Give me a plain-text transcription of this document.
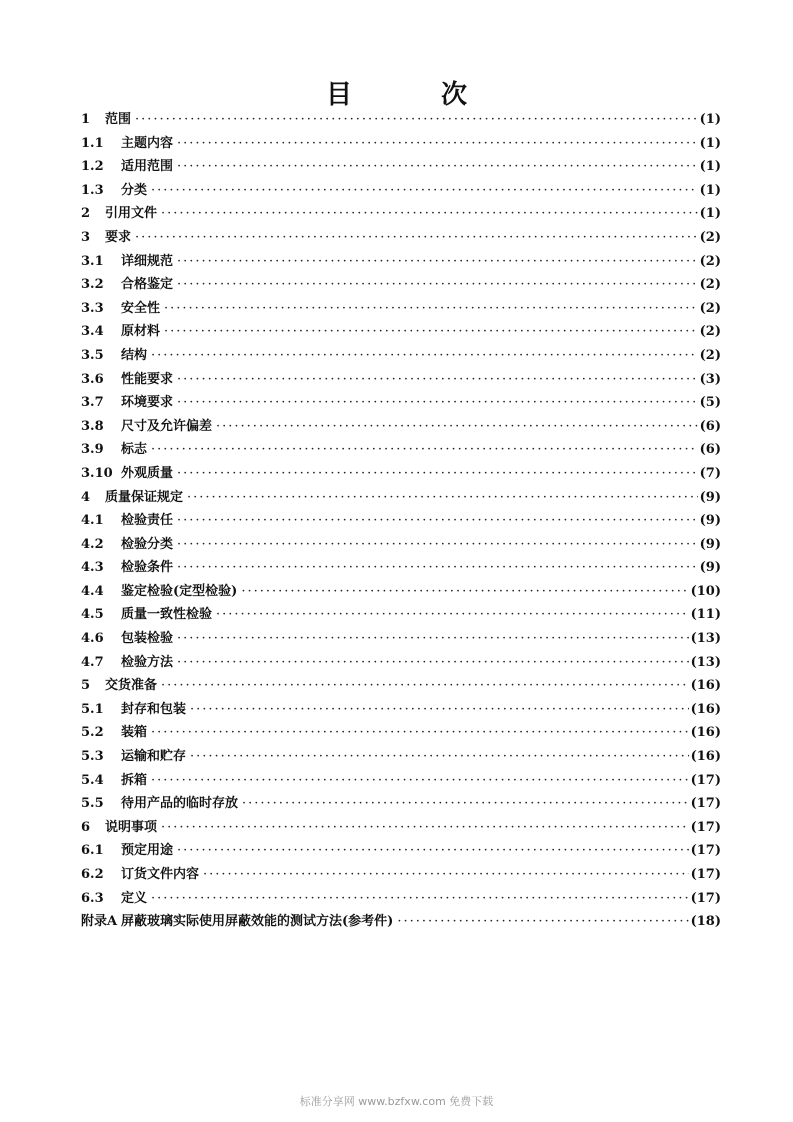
目 次
1	范围 ·····	(1)
1.1	主题内容 ·····	(1)
1.2	适用范围 ·····	(1)
1.3	分类 ·····	(1)
2	引用文件 ·····	(1)
3	要求 ·····	(2)
3.1	详细规范 ·····	(2)
3.2	合格鉴定 ·····	(2)
3.3	安全性 ·····	(2)
3.4	原材料 ·····	(2)
3.5	结构 ·····	(2)
3.6	性能要求 ·····	(3)
3.7	环境要求 ·····	(5)
3.8	尺寸及允许偏差 ·····	(6)
3.9	标志 ·····	(6)
3.10 外观质量 ·····	(7)
4	质量保证规定 ·····	(9)
4.1	检验责任 ·····	(9)
4.2	检验分类 ·····	(9)
4.3	检验条件 ·····	(9)
4.4	鉴定检验(定型检验) ·····	(10)
4.5	质量一致性检验 ·····	(11)
4.6	包装检验 ·····	(13)
4.7	检验方法 ·····	(13)
5	交货准备 ·····	(16)
5.1	封存和包装 ·····	(16)
5.2	装箱 ·····	(16)
5.3	运输和贮存 ·····	(16)
5.4	拆箱 ·····	(17)
5.5	待用产品的临时存放 ·····	(17)
6	说明事项 ·····	(17)
6.1	预定用途 ·····	(17)
6.2	订货文件内容 ·····	(17)
6.3	定义 ·····	(17)
附录A 屏蔽玻璃实际使用屏蔽效能的测试方法(参考件) ·····	(18)
标准分享网 www.bzfxw.com 免费下载
